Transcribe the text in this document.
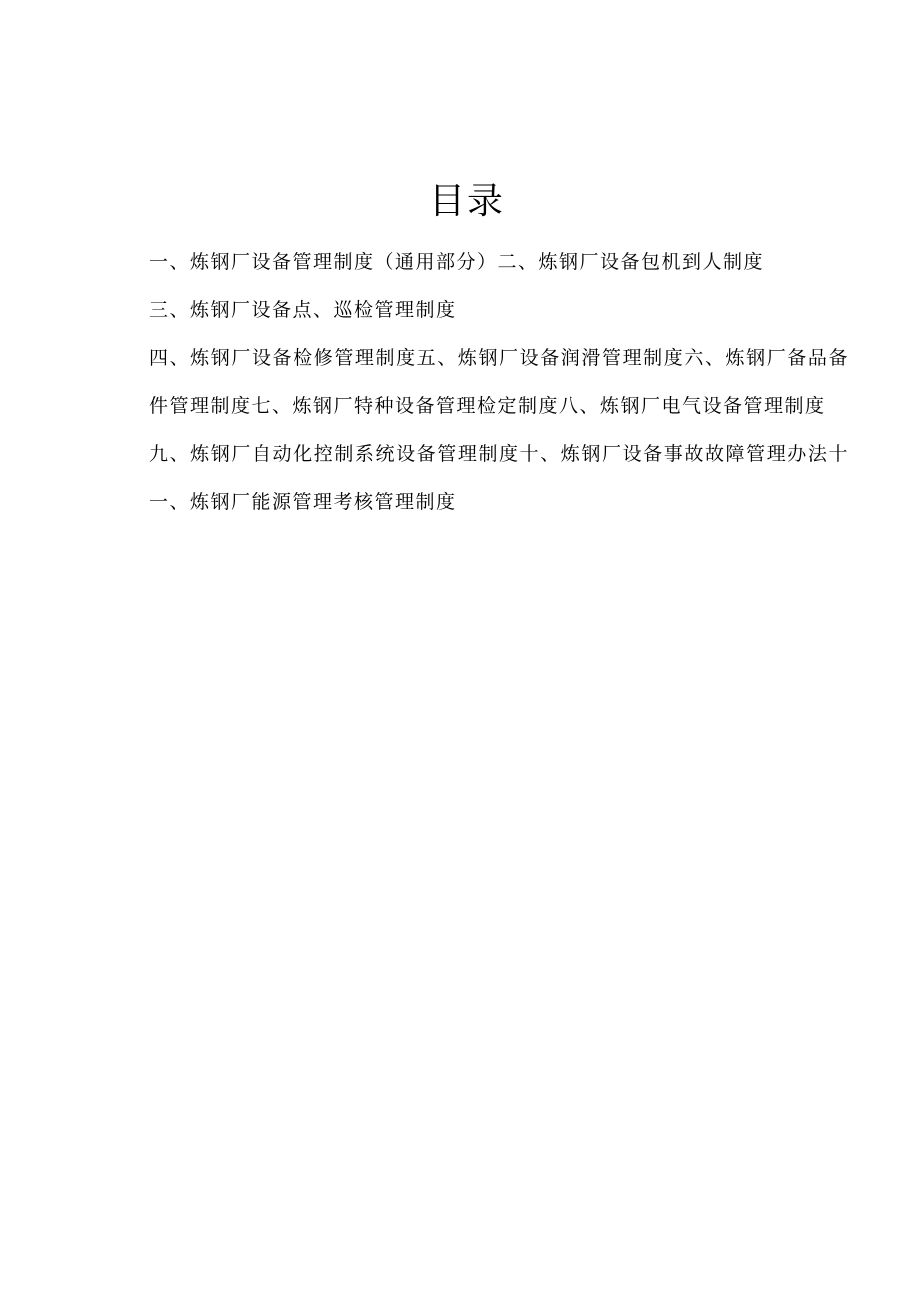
目录

一、炼钢厂设备管理制度（通用部分）二、炼钢厂设备包机到人制度

三、炼钢厂设备点、巡检管理制度

四、炼钢厂设备检修管理制度五、炼钢厂设备润滑管理制度六、炼钢厂备品备件管理制度七、炼钢厂特种设备管理检定制度八、炼钢厂电气设备管理制度

九、炼钢厂自动化控制系统设备管理制度十、炼钢厂设备事故故障管理办法十一、炼钢厂能源管理考核管理制度
